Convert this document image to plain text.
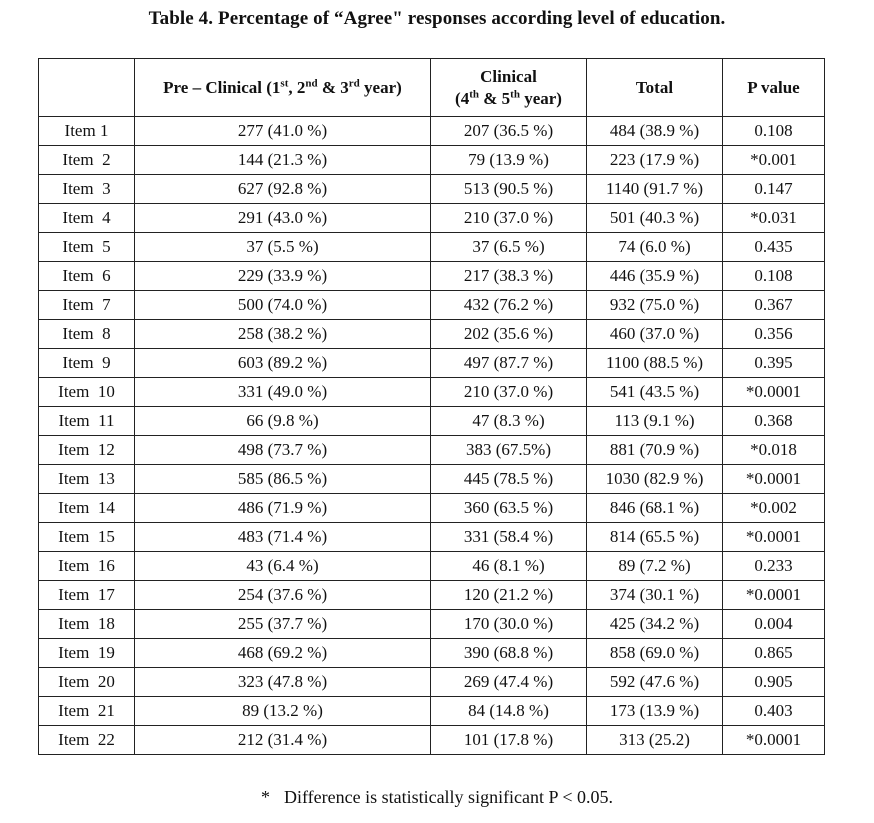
Table 4. Percentage of “Agree" responses according level of education.
	Pre – Clinical (1st, 2nd & 3rd year)	Clinical
(4th & 5th year)	Total	P value
Item 1	277 (41.0 %)	207 (36.5 %)	484 (38.9 %)	0.108
Item  2	144 (21.3 %)	79 (13.9 %)	223 (17.9 %)	*0.001
Item  3	627 (92.8 %)	513 (90.5 %)	1140 (91.7 %)	0.147
Item  4	291 (43.0 %)	210 (37.0 %)	501 (40.3 %)	*0.031
Item  5	37 (5.5 %)	37 (6.5 %)	74 (6.0 %)	0.435
Item  6	229 (33.9 %)	217 (38.3 %)	446 (35.9 %)	0.108
Item  7	500 (74.0 %)	432 (76.2 %)	932 (75.0 %)	0.367
Item  8	258 (38.2 %)	202 (35.6 %)	460 (37.0 %)	0.356
Item  9	603 (89.2 %)	497 (87.7 %)	1100 (88.5 %)	0.395
Item  10	331 (49.0 %)	210 (37.0 %)	541 (43.5 %)	*0.0001
Item  11	66 (9.8 %)	47 (8.3 %)	113 (9.1 %)	0.368
Item  12	498 (73.7 %)	383 (67.5%)	881 (70.9 %)	*0.018
Item  13	585 (86.5 %)	445 (78.5 %)	1030 (82.9 %)	*0.0001
Item  14	486 (71.9 %)	360 (63.5 %)	846 (68.1 %)	*0.002
Item  15	483 (71.4 %)	331 (58.4 %)	814 (65.5 %)	*0.0001
Item  16	43 (6.4 %)	46 (8.1 %)	89 (7.2 %)	0.233
Item  17	254 (37.6 %)	120 (21.2 %)	374 (30.1 %)	*0.0001
Item  18	255 (37.7 %)	170 (30.0 %)	425 (34.2 %)	0.004
Item  19	468 (69.2 %)	390 (68.8 %)	858 (69.0 %)	0.865
Item  20	323 (47.8 %)	269 (47.4 %)	592 (47.6 %)	0.905
Item  21	89 (13.2 %)	84 (14.8 %)	173 (13.9 %)	0.403
Item  22	212 (31.4 %)	101 (17.8 %)	313 (25.2)	*0.0001
* Difference is statistically significant P < 0.05.
